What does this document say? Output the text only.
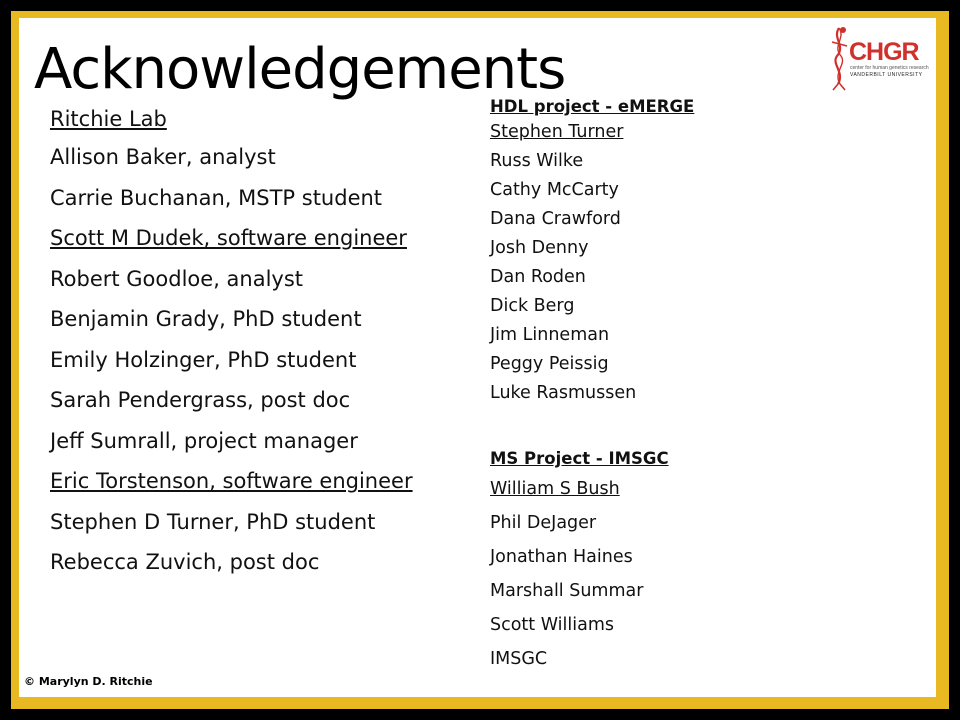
Acknowledgements	CHGR
center for human genetics research
VANDERBILT UNIVERSITY
Ritchie Lab
Allison Baker, analyst
Carrie Buchanan, MSTP student
Scott M Dudek, software engineer
Robert Goodloe, analyst
Benjamin Grady, PhD student
Emily Holzinger, PhD student
Sarah Pendergrass, post doc
Jeff Sumrall, project manager
Eric Torstenson, software engineer
Stephen D Turner, PhD student
Rebecca Zuvich, post doc
HDL project - eMERGE
Stephen Turner
Russ Wilke
Cathy McCarty
Dana Crawford
Josh Denny
Dan Roden
Dick Berg
Jim Linneman
Peggy Peissig
Luke Rasmussen
MS Project - IMSGC
William S Bush
Phil DeJager
Jonathan Haines
Marshall Summar
Scott Williams
IMSGC
© Marylyn D. Ritchie
